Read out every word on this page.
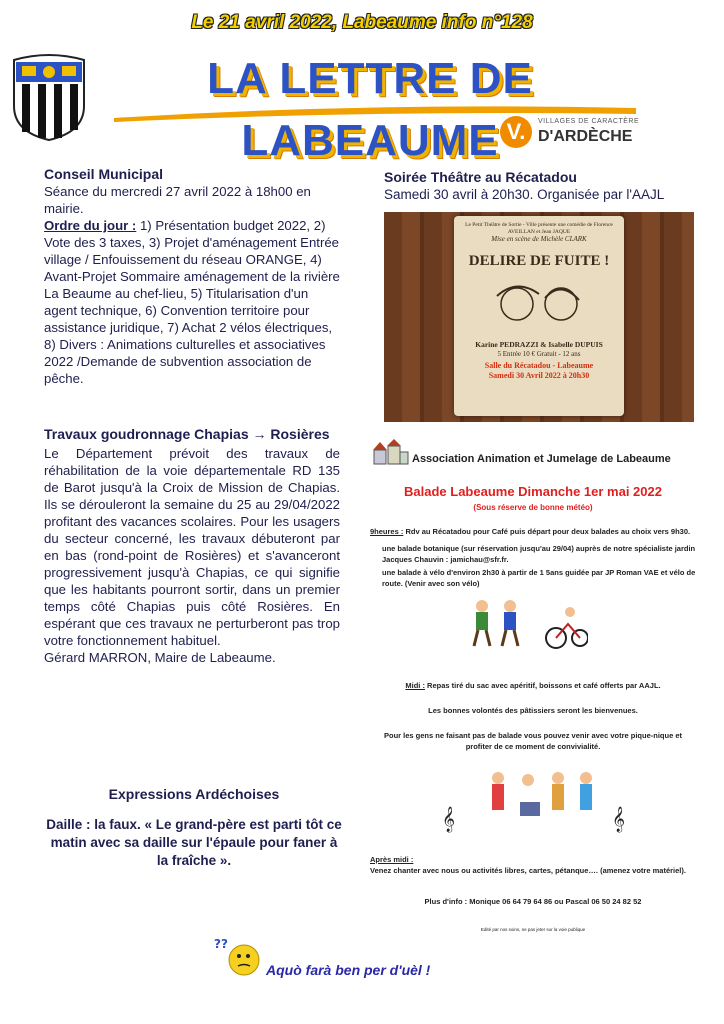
Le 21 avril 2022, Labeaume info n°128
LA LETTRE DE LABEAUME V.	VILLAGES DE CARACTÈRE
D'ARDÈCHE
Conseil Municipal

Séance du mercredi 27 avril 2022 à 18h00 en mairie.

Ordre du jour : 1) Présentation budget 2022, 2) Vote des 3 taxes, 3) Projet d'aménagement Entrée village / Enfouissement du réseau ORANGE, 4) Avant-Projet Sommaire aménagement de la rivière La Beaume au chef-lieu, 5) Titularisation d'un agent technique, 6) Convention territoire pour assistance juridique, 7) Achat 2 vélos électriques, 8) Divers : Animations culturelles et associatives 2022 /Demande de subvention association de pêche.

Travaux goudronnage Chapias → Rosières

Le Département prévoit des travaux de réhabilitation de la voie départementale RD 135 de Barot jusqu'à la Croix de Mission de Chapias. Ils se dérouleront la semaine du 25 au 29/04/2022 profitant des vacances scolaires. Pour les usagers du secteur concerné, les travaux débuteront par en bas (rond-point de Rosières) et s'avanceront progressivement jusqu'à Chapias, ce qui signifie que les habitants pourront sortir, dans un premier temps côté Chapias puis côté Rosières. En espérant que ces travaux ne perturberont pas trop votre fonctionnement habituel.

Gérard MARRON, Maire de Labeaume.

Expressions Ardéchoises

Daille : la faux. « Le grand-père est parti tôt ce matin avec sa daille sur l'épaule pour faner à la fraîche ».

Soirée Théâtre au Récatadou

Samedi 30 avril à 20h30. Organisée par l'AAJL

Le Petit Théâtre de Sortie - Ville présente une comédie de Florence AVEILLAN et Jean JAQUE
Mise en scène de Michèle CLARK
DELIRE DE FUITE !
Karine PEDRAZZI & Isabelle DUPUIS
5 Entrée 10 € Gratuit - 12 ans
Salle du Récatadou - Labeaume
Samedi 30 Avril 2022 à 20h30
Association Animation et Jumelage de Labeaume
Balade Labeaume Dimanche 1er mai 2022
(Sous réserve de bonne météo)

9heures : Rdv au Récatadou pour Café puis départ pour deux balades au choix vers 9h30.

une balade botanique (sur réservation jusqu'au 29/04) auprès de notre spécialiste jardin Jacques Chauvin : jamichau@sfr.fr.

une balade à vélo d'environ 2h30 à partir de 1 5ans guidée par JP Roman VAE et vélo de route. (Venir avec son vélo)

Midi : Repas tiré du sac avec apéritif, boissons et café offerts par AAJL.

Les bonnes volontés des pâtissiers seront les bienvenues.

Pour les gens ne faisant pas de balade vous pouvez venir avec votre pique-nique et profiter de ce moment de convivialité.

𝄞	𝄞

Après midi :

Venez chanter avec nous ou activités libres, cartes, pétanque…. (amenez votre matériel).

Plus d'info : Monique 06 64 79 64 86 ou Pascal 06 50 24 82 52
Edité par nos soins, ne pas jeter sur la voie publique
??
Aquò farà ben per d'uèl !
